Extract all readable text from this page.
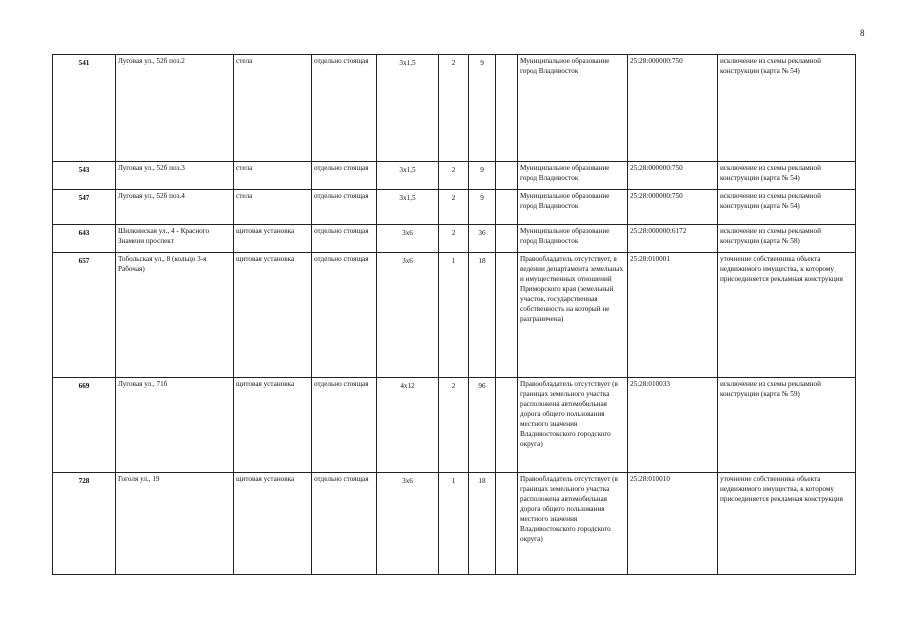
8
541	Луговая ул., 52б поз.2	стела	отдельно стоящая	3x1,5	2	9		Муниципальное образование город Владивосток	25:28:000000:750	исключение из схемы рекламной конструкции (карта № 54)
543	Луговая ул., 52б поз.3	стела	отдельно стоящая	3x1,5	2	9		Муниципальное образование город Владивосток	25:28:000000:750	исключение из схемы рекламной конструкции (карта № 54)
547	Луговая ул., 52б поз.4	стела	отдельно стоящая	3x1,5	2	9		Муниципальное образование город Владивосток	25:28:000000:750	исключение из схемы рекламной конструкции (карта № 54)
643	Шилкинская ул., 4 - Красного Знамени проспект	щитовая установка	отдельно стоящая	3x6	2	36		Муниципальное образование город Владивосток	25:28:000000:6172	исключение из схемы рекламной конструкции (карта № 58)
657	Тобольская ул., 8 (кольцо 3-я Рабочая)	щитовая установка	отдельно стоящая	3x6	1	18		Правообладатель отсутствует, в ведении департамента земельных и имущественных отношений Приморского края (земельный участок, государственная собственность на который не разграничена)	25:28:010001	уточнение собственника объекта недвижимого имущества, к которому присоединяется рекламная конструкция
669	Луговая ул., 71б	щитовая установка	отдельно стоящая	4x12	2	96		Правообладатель отсутствует (в границах земельного участка расположена автомобильная дорога общего пользования местного значения Владивостокского городского округа)	25:28:010033	исключение из схемы рекламной конструкции (карта № 59)
728	Гоголя ул., 19	щитовая установка	отдельно стоящая	3x6	1	18		Правообладатель отсутствует (в границах земельного участка расположена автомобильная дорога общего пользования местного значения Владивостокского городского округа)	25:28:010010	уточнение собственника объекта недвижимого имущества, к которому присоединяется рекламная конструкция
